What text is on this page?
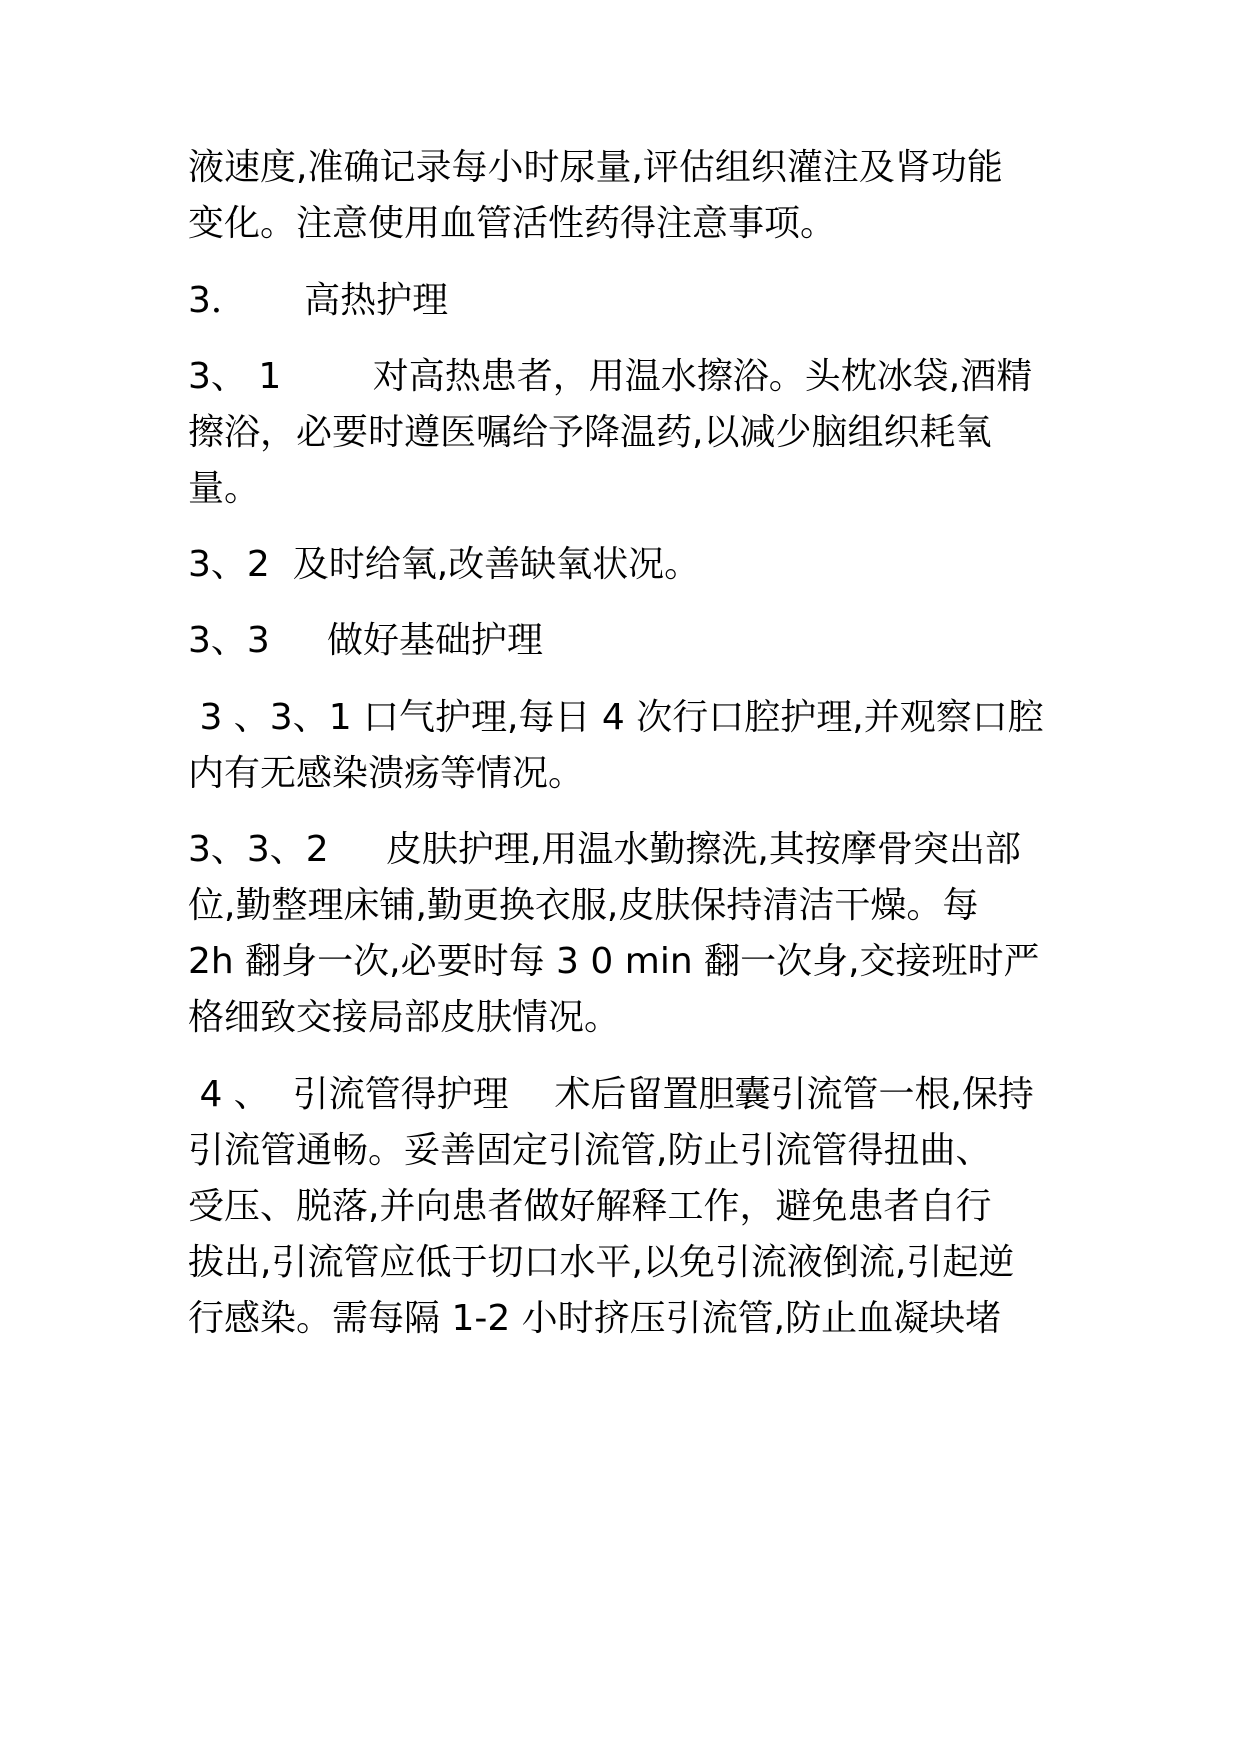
液速度,准确记录每小时尿量,评估组织灌注及肾功能
变化。注意使用血管活性药得注意事项。
3．     高热护理
3、 1        对高热患者，用温水擦浴。头枕冰袋,酒精
擦浴，必要时遵医嘱给予降温药,以减少脑组织耗氧
量。
3、2  及时给氧,改善缺氧状况。
3、3     做好基础护理
3 、3、1 口气护理,每日 4 次行口腔护理,并观察口腔
内有无感染溃疡等情况。
3、3、2     皮肤护理,用温水勤擦洗,其按摩骨突出部
位,勤整理床铺,勤更换衣服,皮肤保持清洁干燥。每
2h 翻身一次,必要时每 3 0 min 翻一次身,交接班时严
格细致交接局部皮肤情况。
4 、  引流管得护理    术后留置胆囊引流管一根,保持
引流管通畅。妥善固定引流管,防止引流管得扭曲、
受压、脱落,并向患者做好解释工作，避免患者自行
拔出,引流管应低于切口水平,以免引流液倒流,引起逆
行感染。需每隔 1-2 小时挤压引流管,防止血凝块堵
